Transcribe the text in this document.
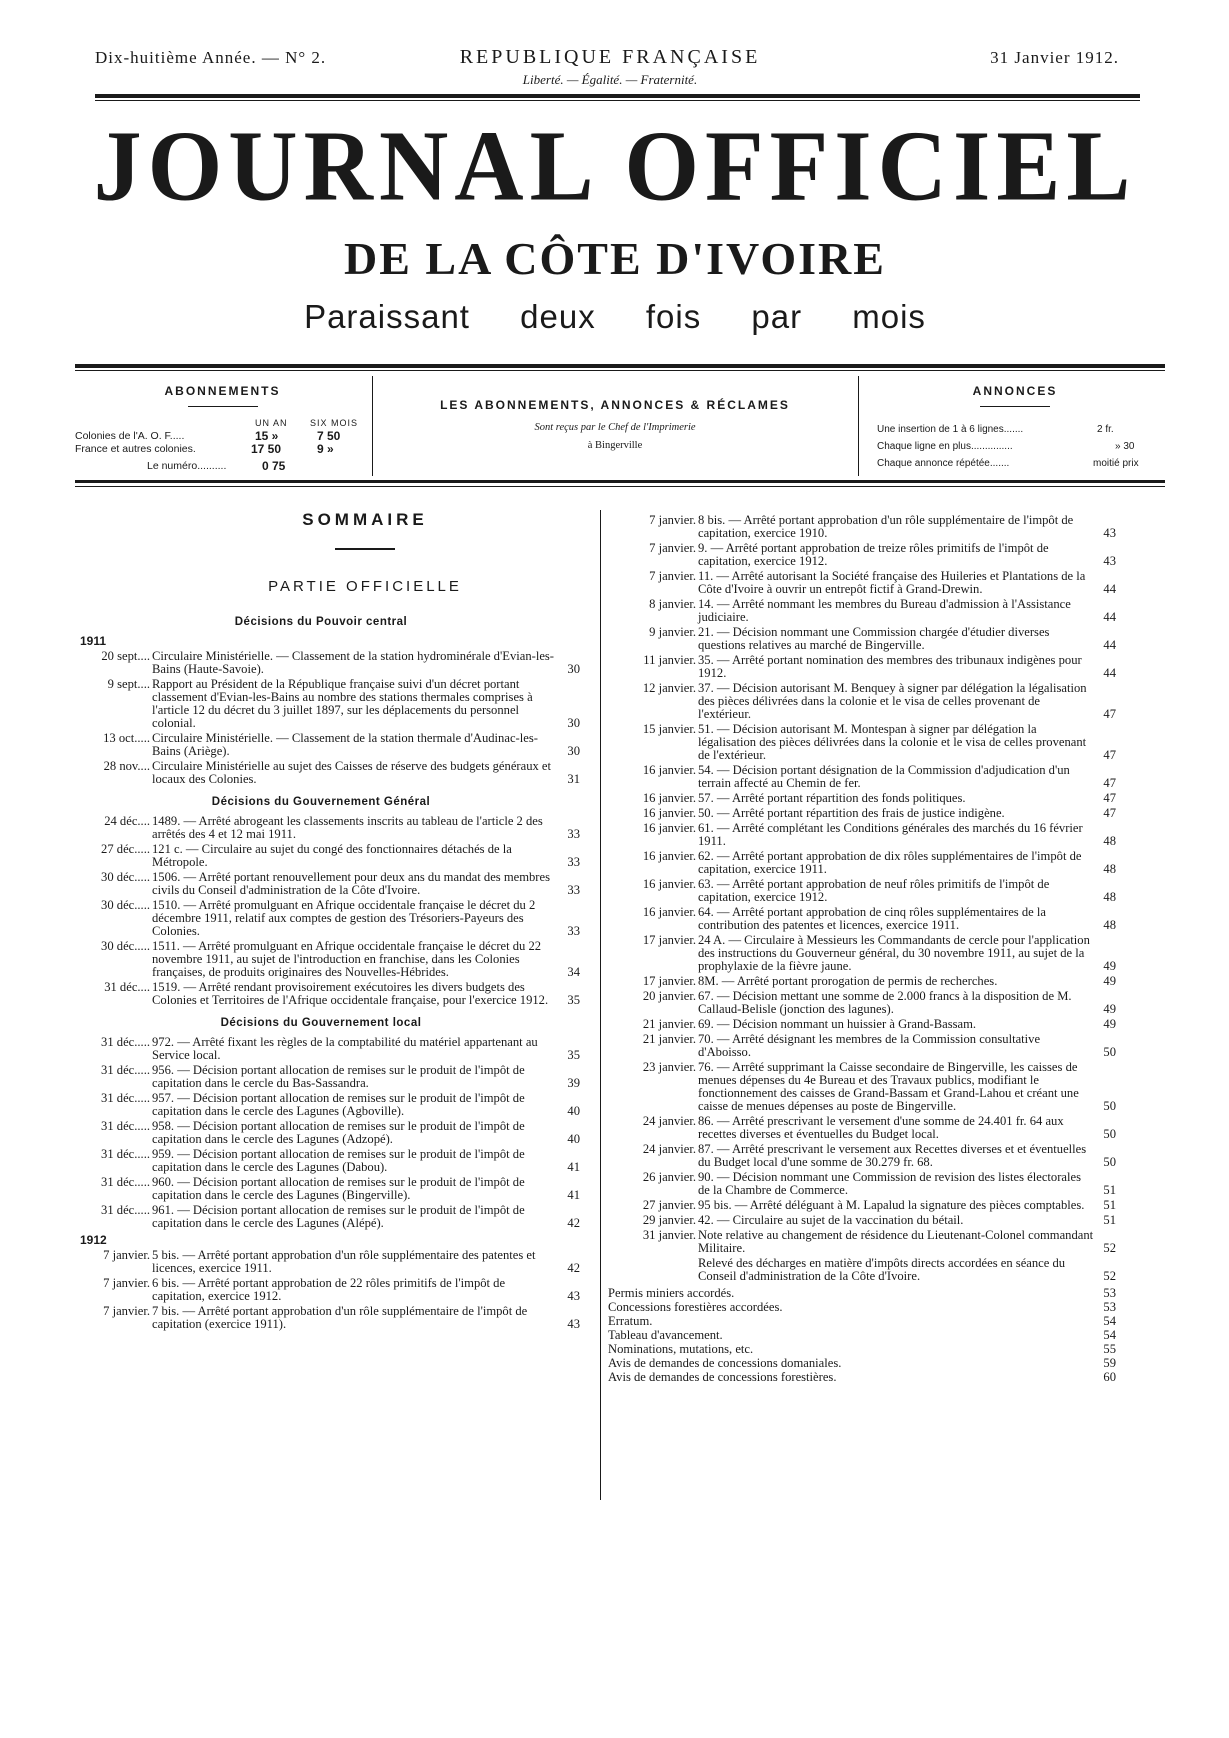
Dix-huitième Année. — N° 2.	REPUBLIQUE FRANÇAISE
Liberté. — Égalité. — Fraternité.
31 Janvier 1912.
JOURNAL OFFICIEL
DE LA CÔTE D'IVOIRE
Paraissant deux fois par mois
ABONNEMENTS
UN AN SIX MOIS
Colonies de l'A. O. F.....	15 »	7 50
France et autres colonies.	17 50	9 »
Le numéro..........	0 75
LES ABONNEMENTS, ANNONCES & RÉCLAMES
Sont reçus par le Chef de l'Imprimerie
à Bingerville
ANNONCES
Une insertion de 1 à 6 lignes.......	2 fr.
Chaque ligne en plus...............	» 30
Chaque annonce répétée.......	moitié prix
SOMMAIRE
PARTIE OFFICIELLE
Décisions du Pouvoir central
1911
20 sept.... Circulaire Ministérielle. — Classement de la station hydrominérale d'Evian-les-Bains (Haute-Savoie).	30
9 sept.... Rapport au Président de la République française suivi d'un décret portant classement d'Evian-les-Bains au nombre des stations thermales comprises à l'article 12 du décret du 3 juillet 1897, sur les déplacements du personnel colonial.	30
13 oct..... Circulaire Ministérielle. — Classement de la station thermale d'Audinac-les-Bains (Ariège).	30
28 nov.... Circulaire Ministérielle au sujet des Caisses de réserve des budgets généraux et locaux des Colonies.	31
Décisions du Gouvernement Général
24 déc.... 1489. — Arrêté abrogeant les classements inscrits au tableau de l'article 2 des arrêtés des 4 et 12 mai 1911.	33
27 déc..... 121 c. — Circulaire au sujet du congé des fonctionnaires détachés de la Métropole.	33
30 déc..... 1506. — Arrêté portant renouvellement pour deux ans du mandat des membres civils du Conseil d'administration de la Côte d'Ivoire.	33
30 déc..... 1510. — Arrêté promulguant en Afrique occidentale française le décret du 2 décembre 1911, relatif aux comptes de gestion des Trésoriers-Payeurs des Colonies.	33
30 déc..... 1511. — Arrêté promulguant en Afrique occidentale française le décret du 22 novembre 1911, au sujet de l'introduction en franchise, dans les Colonies françaises, de produits originaires des Nouvelles-Hébrides.	34
31 déc.... 1519. — Arrêté rendant provisoirement exécutoires les divers budgets des Colonies et Territoires de l'Afrique occidentale française, pour l'exercice 1912. 35
Décisions du Gouvernement local
31 déc..... 972. — Arrêté fixant les règles de la comptabilité du matériel appartenant au Service local.	35
31 déc..... 956. — Décision portant allocation de remises sur le produit de l'impôt de capitation dans le cercle du Bas-Sassandra.	39
31 déc..... 957. — Décision portant allocation de remises sur le produit de l'impôt de capitation dans le cercle des Lagunes (Agboville).	40
31 déc..... 958. — Décision portant allocation de remises sur le produit de l'impôt de capitation dans le cercle des Lagunes (Adzopé).	40
31 déc..... 959. — Décision portant allocation de remises sur le produit de l'impôt de capitation dans le cercle des Lagunes (Dabou).	41
31 déc..... 960. — Décision portant allocation de remises sur le produit de l'impôt de capitation dans le cercle des Lagunes (Bingerville).	41
31 déc..... 961. — Décision portant allocation de remises sur le produit de l'impôt de capitation dans le cercle des Lagunes (Alépé).	42
1912
7 janvier. 5 bis. — Arrêté portant approbation d'un rôle supplémentaire des patentes et licences, exercice 1911.	42
7 janvier. 6 bis. — Arrêté portant approbation de 22 rôles primitifs de l'impôt de capitation, exercice 1912.	43
7 janvier. 7 bis. — Arrêté portant approbation d'un rôle supplémentaire de l'impôt de capitation (exercice 1911).	43
7 janvier. 8 bis. — Arrêté portant approbation d'un rôle supplémentaire de l'impôt de capitation, exercice 1910.	43
7 janvier. 9. — Arrêté portant approbation de treize rôles primitifs de l'impôt de capitation, exercice 1912.	43
7 janvier. 11. — Arrêté autorisant la Société française des Huileries et Plantations de la Côte d'Ivoire à ouvrir un entrepôt fictif à Grand-Drewin.	44
8 janvier. 14. — Arrêté nommant les membres du Bureau d'admission à l'Assistance judiciaire.	44
9 janvier. 21. — Décision nommant une Commission chargée d'étudier diverses questions relatives au marché de Bingerville.	44
11 janvier. 35. — Arrêté portant nomination des membres des tribunaux indigènes pour 1912.	44
12 janvier. 37. — Décision autorisant M. Benquey à signer par délégation la légalisation des pièces délivrées dans la colonie et le visa de celles provenant de l'extérieur.	47
15 janvier. 51. — Décision autorisant M. Montespan à signer par délégation la légalisation des pièces délivrées dans la colonie et le visa de celles provenant de l'extérieur.	47
16 janvier. 54. — Décision portant désignation de la Commission d'adjudication d'un terrain affecté au Chemin de fer.	47
16 janvier. 57. — Arrêté portant répartition des fonds politiques.	47
16 janvier. 50. — Arrêté portant répartition des frais de justice indigène.	47
16 janvier. 61. — Arrêté complétant les Conditions générales des marchés du 16 février 1911.	48
16 janvier. 62. — Arrêté portant approbation de dix rôles supplémentaires de l'impôt de capitation, exercice 1911.	48
16 janvier. 63. — Arrêté portant approbation de neuf rôles primitifs de l'impôt de capitation, exercice 1912.	48
16 janvier. 64. — Arrêté portant approbation de cinq rôles supplémentaires de la contribution des patentes et licences, exercice 1911.	48
17 janvier. 24 A. — Circulaire à Messieurs les Commandants de cercle pour l'application des instructions du Gouverneur général, du 30 novembre 1911, au sujet de la prophylaxie de la fièvre jaune.	49
17 janvier. 8M. — Arrêté portant prorogation de permis de recherches.	49
20 janvier. 67. — Décision mettant une somme de 2.000 francs à la disposition de M. Callaud-Belisle (jonction des lagunes).	49
21 janvier. 69. — Décision nommant un huissier à Grand-Bassam.	49
21 janvier. 70. — Arrêté désignant les membres de la Commission consultative d'Aboisso.	50
23 janvier. 76. — Arrêté supprimant la Caisse secondaire de Bingerville, les caisses de menues dépenses du 4e Bureau et des Travaux publics, modifiant le fonctionnement des caisses de Grand-Bassam et Grand-Lahou et créant une caisse de menues dépenses au poste de Bingerville.	50
24 janvier. 86. — Arrêté prescrivant le versement d'une somme de 24.401 fr. 64 aux recettes diverses et éventuelles du Budget local.	50
24 janvier. 87. — Arrêté prescrivant le versement aux Recettes diverses et et éventuelles du Budget local d'une somme de 30.279 fr. 68.	50
26 janvier. 90. — Décision nommant une Commission de revision des listes électorales de la Chambre de Commerce.	51
27 janvier. 95 bis. — Arrêté déléguant à M. Lapalud la signature des pièces comptables. 51
29 janvier. 42. — Circulaire au sujet de la vaccination du bétail.	51
31 janvier. Note relative au changement de résidence du Lieutenant-Colonel commandant Militaire.	52
Relevé des décharges en matière d'impôts directs accordées en séance du Conseil d'administration de la Côte d'Ivoire.	52
Permis miniers accordés.	53
Concessions forestières accordées.	53
Erratum.	54
Tableau d'avancement.	54
Nominations, mutations, etc.	55
Avis de demandes de concessions domaniales.	59
Avis de demandes de concessions forestières.	60
